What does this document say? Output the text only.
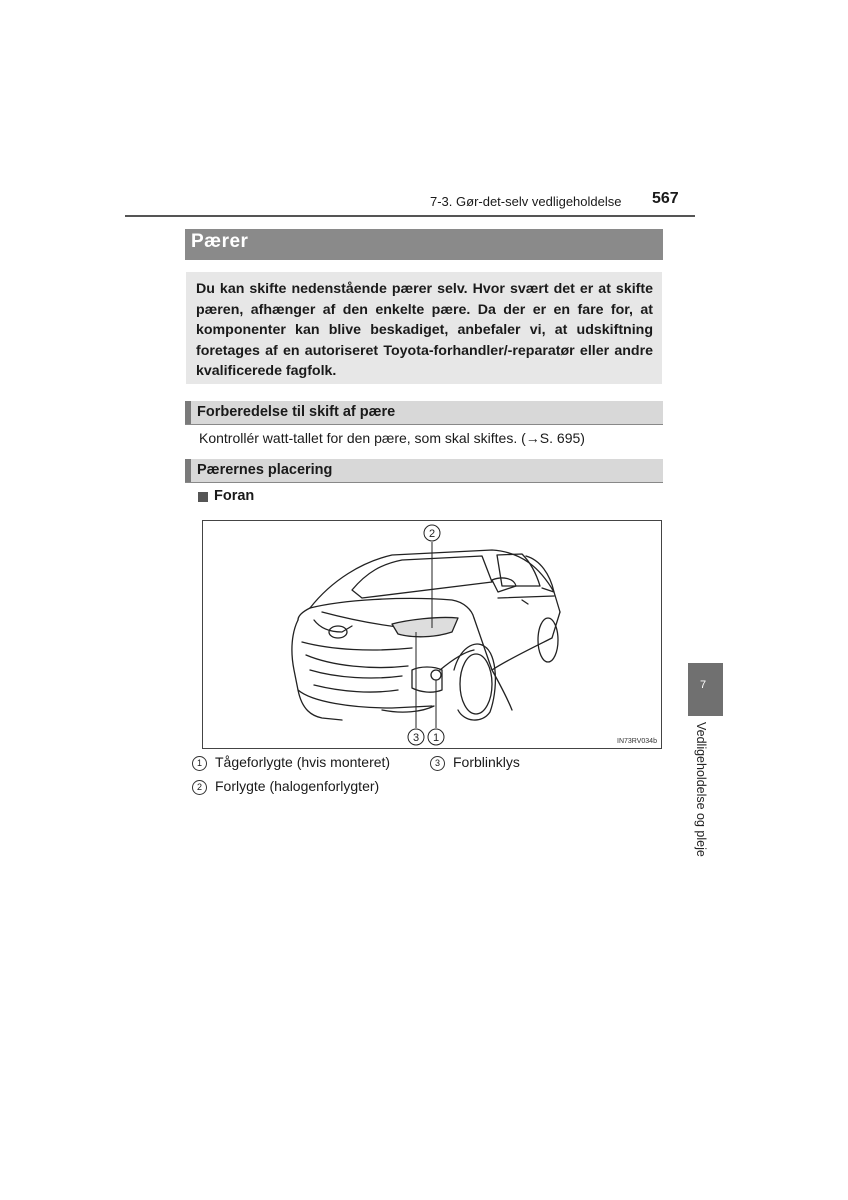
7-3. Gør-det-selv vedligeholdelse 567
Pærer
Du kan skifte nedenstående pærer selv. Hvor svært det er at skifte pæren, afhænger af den enkelte pære. Da der er en fare for, at komponenter kan blive beskadiget, anbefaler vi, at udskiftning foretages af en autoriseret Toyota-forhandler/-reparatør eller andre kvalificerede fagfolk.
Forberedelse til skift af pære
Kontrollér watt-tallet for den pære, som skal skiftes. (→S. 695)
Pærernes placering
Foran
2
3 1	IN73RV034b
1 Tågeforlygte (hvis monteret)	3 Forblinklys
2 Forlygte (halogenforlygter)
7
Vedligeholdelse og pleje
